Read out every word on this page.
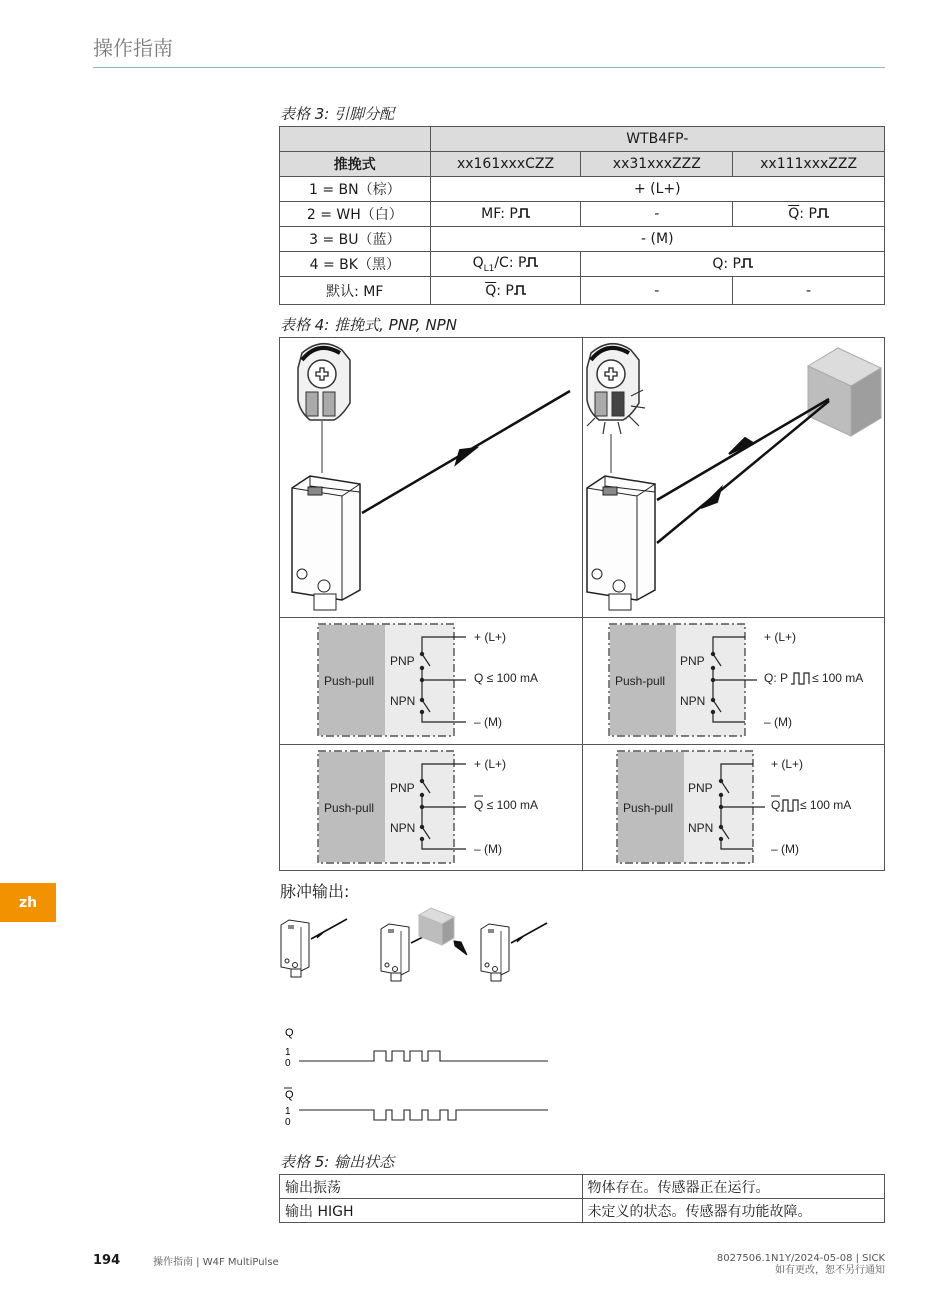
操作指南
zh
表格 3: 引脚分配
	WTB4FP-		
推挽式	xx161xxxCZZ	xx31xxxZZZ	xx111xxxZZZ
1 = BN（棕）	+ (L+)		
2 = WH（白）	MF: P	-	$\overline{Q}$: P
3 = BU（蓝）	- (M)		
4 = BK（黑）	$Q_{L1}/C$: P	Q: P	
默认: MF	$\overline{Q}$: P	-	-
表格 4: 推挽式, PNP, NPN
Push-pull
PNP
NPN
+ (L+)
Q ≤ 100 mA
– (M)
Push-pull
PNP
NPN
+ (L+)
Q: P ≤ 100 mA
– (M)
Push-pull
PNP
NPN
+ (L+)
Q ≤ 100 mA
– (M)
Push-pull
PNP
NPN
+ (L+)
Q ≤ 100 mA
– (M)
脉冲输出:
Q
1
0
Q
1
0
表格 5: 输出状态
输出振荡	物体存在。传感器正在运行。
输出 HIGH	未定义的状态。传感器有功能故障。
194	操作指南 | W4F MultiPulse	8027506.1N1Y/2024-05-08 | SICK
如有更改，恕不另行通知
